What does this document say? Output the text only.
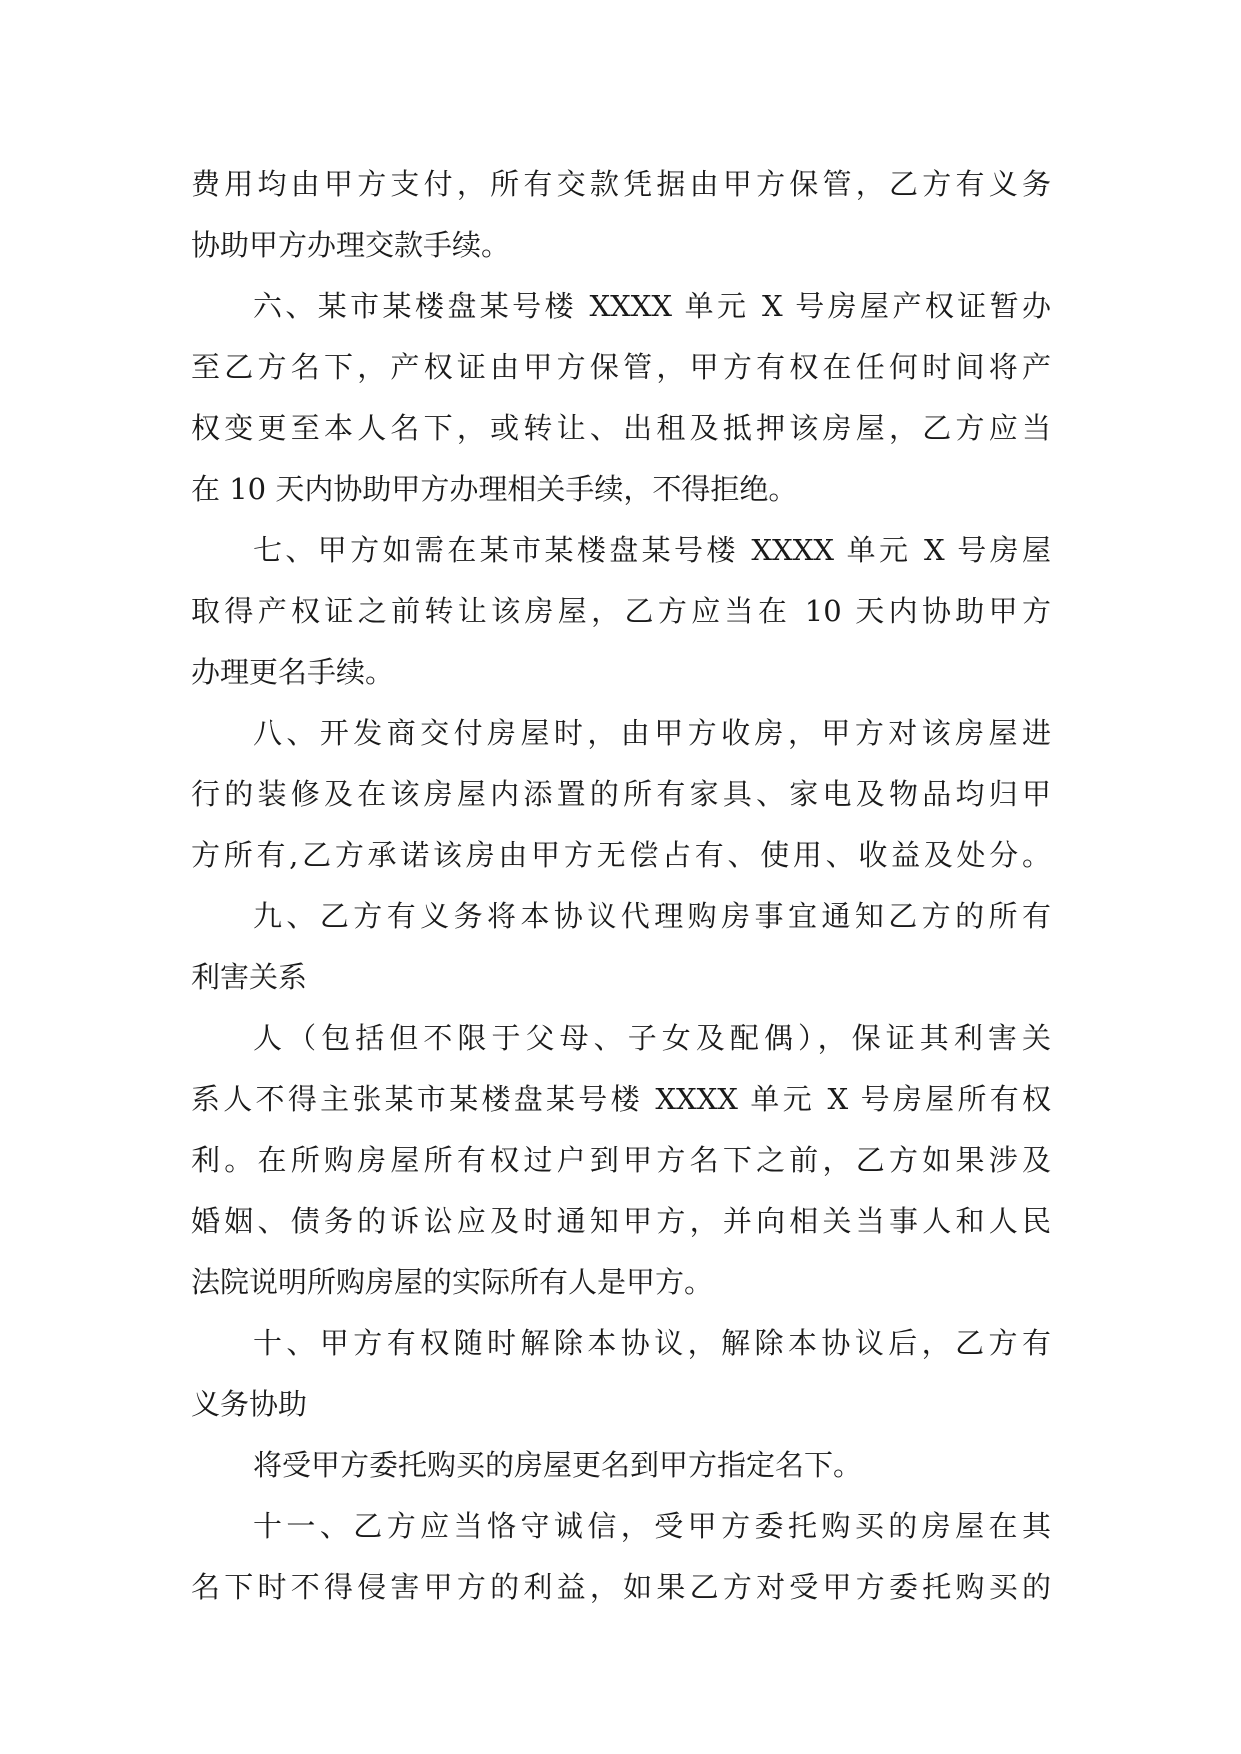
费用均由甲方支付，所有交款凭据由甲方保管，乙方有义务
协助甲方办理交款手续。
六、某市某楼盘某号楼 XXXX 单元 X 号房屋产权证暂办
至乙方名下，产权证由甲方保管，甲方有权在任何时间将产
权变更至本人名下，或转让、出租及抵押该房屋，乙方应当
在 10 天内协助甲方办理相关手续，不得拒绝。
七、甲方如需在某市某楼盘某号楼 XXXX 单元 X 号房屋
取得产权证之前转让该房屋，乙方应当在 10 天内协助甲方
办理更名手续。
八、开发商交付房屋时，由甲方收房，甲方对该房屋进
行的装修及在该房屋内添置的所有家具、家电及物品均归甲
方所有,乙方承诺该房由甲方无偿占有、使用、收益及处分。
九、乙方有义务将本协议代理购房事宜通知乙方的所有
利害关系
人（包括但不限于父母、子女及配偶），保证其利害关
系人不得主张某市某楼盘某号楼 XXXX 单元 X 号房屋所有权
利。在所购房屋所有权过户到甲方名下之前，乙方如果涉及
婚姻、债务的诉讼应及时通知甲方，并向相关当事人和人民
法院说明所购房屋的实际所有人是甲方。
十、甲方有权随时解除本协议，解除本协议后，乙方有
义务协助
将受甲方委托购买的房屋更名到甲方指定名下。
十一、乙方应当恪守诚信，受甲方委托购买的房屋在其
名下时不得侵害甲方的利益，如果乙方对受甲方委托购买的
